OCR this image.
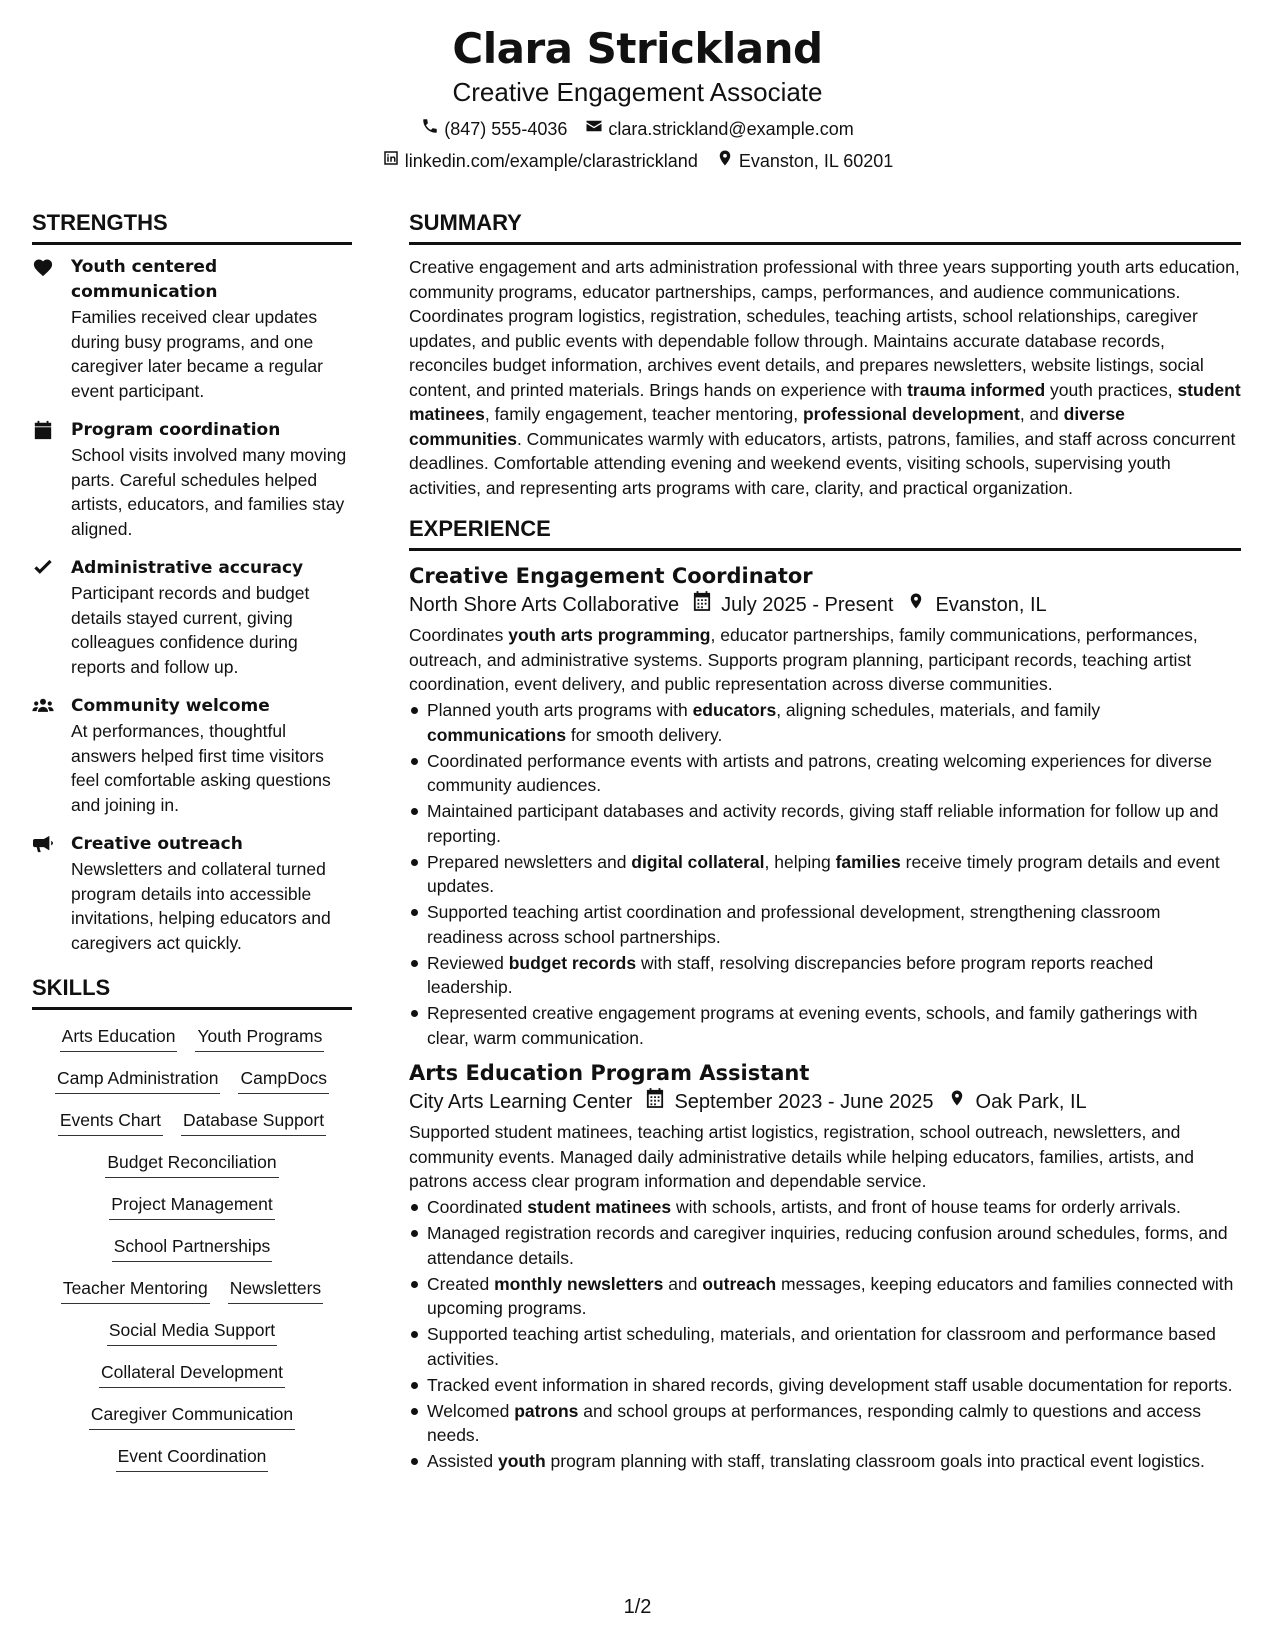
Clara Strickland
Creative Engagement Associate
(847) 555-4036 clara.strickland@example.com
linkedin.com/example/clarastrickland Evanston, IL 60201
STRENGTHS
Youth centered communication
Families received clear updates during busy programs, and one caregiver later became a regular event participant.
Program coordination
School visits involved many moving parts. Careful schedules helped artists, educators, and families stay aligned.
Administrative accuracy
Participant records and budget details stayed current, giving colleagues confidence during reports and follow up.
Community welcome
At performances, thoughtful answers helped first time visitors feel comfortable asking questions and joining in.
Creative outreach
Newsletters and collateral turned program details into accessible invitations, helping educators and caregivers act quickly.
SKILLS
Arts Education Youth Programs
Camp Administration CampDocs
Events Chart Database Support
Budget Reconciliation
Project Management
School Partnerships
Teacher Mentoring Newsletters
Social Media Support
Collateral Development
Caregiver Communication
Event Coordination
SUMMARY

Creative engagement and arts administration professional with three years supporting youth arts education, community programs, educator partnerships, camps, performances, and audience communications. Coordinates program logistics, registration, schedules, teaching artists, school relationships, caregiver updates, and public events with dependable follow through. Maintains accurate database records, reconciles budget information, archives event details, and prepares newsletters, website listings, social content, and printed materials. Brings hands on experience with trauma informed youth practices, student matinees, family engagement, teacher mentoring, professional development, and diverse communities. Communicates warmly with educators, artists, patrons, families, and staff across concurrent deadlines. Comfortable attending evening and weekend events, visiting schools, supervising youth activities, and representing arts programs with care, clarity, and practical organization.

EXPERIENCE
Creative Engagement Coordinator
North Shore Arts Collaborative July 2025 - Present Evanston, IL

Coordinates youth arts programming, educator partnerships, family communications, performances, outreach, and administrative systems. Supports program planning, participant records, teaching artist coordination, event delivery, and public representation across diverse communities.

Planned youth arts programs with educators, aligning schedules, materials, and family communications for smooth delivery.
Coordinated performance events with artists and patrons, creating welcoming experiences for diverse community audiences.
Maintained participant databases and activity records, giving staff reliable information for follow up and reporting.
Prepared newsletters and digital collateral, helping families receive timely program details and event updates.
Supported teaching artist coordination and professional development, strengthening classroom readiness across school partnerships.
Reviewed budget records with staff, resolving discrepancies before program reports reached leadership.
Represented creative engagement programs at evening events, schools, and family gatherings with clear, warm communication.
Arts Education Program Assistant
City Arts Learning Center September 2023 - June 2025 Oak Park, IL

Supported student matinees, teaching artist logistics, registration, school outreach, newsletters, and community events. Managed daily administrative details while helping educators, families, artists, and patrons access clear program information and dependable service.

Coordinated student matinees with schools, artists, and front of house teams for orderly arrivals.
Managed registration records and caregiver inquiries, reducing confusion around schedules, forms, and attendance details.
Created monthly newsletters and outreach messages, keeping educators and families connected with upcoming programs.
Supported teaching artist scheduling, materials, and orientation for classroom and performance based activities.
Tracked event information in shared records, giving development staff usable documentation for reports.
Welcomed patrons and school groups at performances, responding calmly to questions and access needs.
Assisted youth program planning with staff, translating classroom goals into practical event logistics.
1/2
